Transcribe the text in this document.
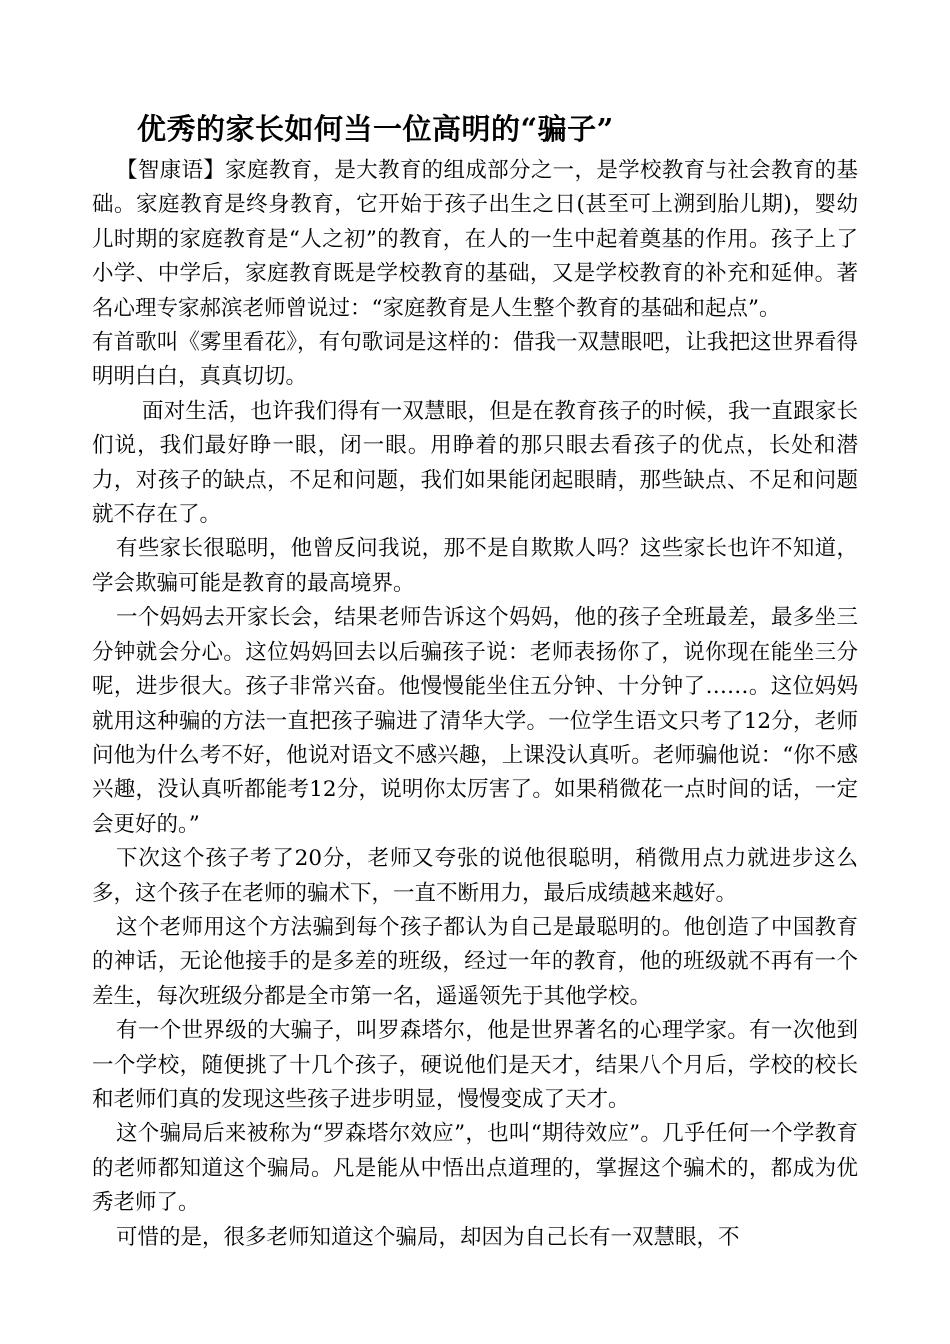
优秀的家长如何当一位高明的“骗子”

【智康语】家庭教育，是大教育的组成部分之一，是学校教育与社会教育的基础。家庭教育是终身教育，它开始于孩子出生之日(甚至可上溯到胎儿期)，婴幼儿时期的家庭教育是“人之初”的教育，在人的一生中起着奠基的作用。孩子上了小学、中学后，家庭教育既是学校教育的基础，又是学校教育的补充和延伸。著名心理专家郝滨老师曾说过：“家庭教育是人生整个教育的基础和起点”。

有首歌叫《雾里看花》，有句歌词是这样的：借我一双慧眼吧，让我把这世界看得明明白白，真真切切。

面对生活，也许我们得有一双慧眼，但是在教育孩子的时候，我一直跟家长们说，我们最好睁一眼，闭一眼。用睁着的那只眼去看孩子的优点，长处和潜力，对孩子的缺点，不足和问题，我们如果能闭起眼睛，那些缺点、不足和问题就不存在了。

有些家长很聪明，他曾反问我说，那不是自欺欺人吗？这些家长也许不知道，学会欺骗可能是教育的最高境界。

一个妈妈去开家长会，结果老师告诉这个妈妈，他的孩子全班最差，最多坐三分钟就会分心。这位妈妈回去以后骗孩子说：老师表扬你了，说你现在能坐三分呢，进步很大。孩子非常兴奋。他慢慢能坐住五分钟、十分钟了……。这位妈妈就用这种骗的方法一直把孩子骗进了清华大学。一位学生语文只考了12分，老师问他为什么考不好，他说对语文不感兴趣，上课没认真听。老师骗他说：“你不感兴趣，没认真听都能考12分，说明你太厉害了。如果稍微花一点时间的话，一定会更好的。”

下次这个孩子考了20分，老师又夸张的说他很聪明，稍微用点力就进步这么多，这个孩子在老师的骗术下，一直不断用力，最后成绩越来越好。

这个老师用这个方法骗到每个孩子都认为自己是最聪明的。他创造了中国教育的神话，无论他接手的是多差的班级，经过一年的教育，他的班级就不再有一个差生，每次班级分都是全市第一名，遥遥领先于其他学校。

有一个世界级的大骗子，叫罗森塔尔，他是世界著名的心理学家。有一次他到一个学校，随便挑了十几个孩子，硬说他们是天才，结果八个月后，学校的校长和老师们真的发现这些孩子进步明显，慢慢变成了天才。

这个骗局后来被称为“罗森塔尔效应”，也叫“期待效应”。几乎任何一个学教育的老师都知道这个骗局。凡是能从中悟出点道理的，掌握这个骗术的，都成为优秀老师了。

可惜的是，很多老师知道这个骗局，却因为自己长有一双慧眼，不
